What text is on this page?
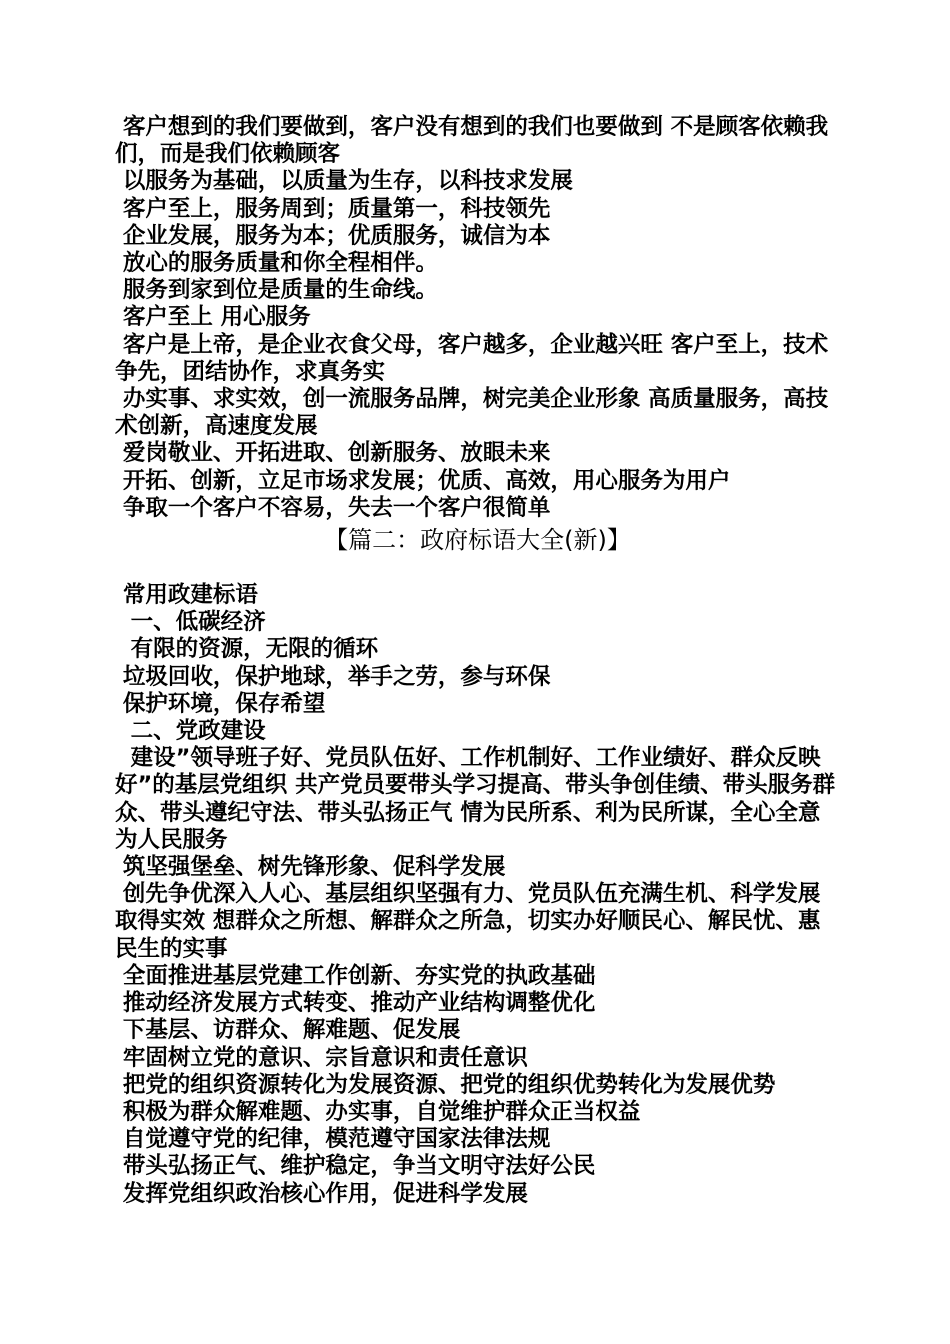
客户想到的我们要做到，客户没有想到的我们也要做到 不是顾客依赖我们，而是我们依赖顾客
以服务为基础，以质量为生存，以科技求发展
客户至上，服务周到；质量第一，科技领先
企业发展，服务为本；优质服务，诚信为本
放心的服务质量和你全程相伴。
服务到家到位是质量的生命线。
客户至上 用心服务
客户是上帝，是企业衣食父母，客户越多，企业越兴旺 客户至上，技术争先，团结协作，求真务实
办实事、求实效，创一流服务品牌，树完美企业形象 高质量服务，高技术创新，高速度发展
爱岗敬业、开拓进取、创新服务、放眼未来
开拓、创新，立足市场求发展；优质、高效，用心服务为用户
争取一个客户不容易，失去一个客户很简单
【篇二：政府标语大全(新)】
常用政建标语
一、低碳经济
有限的资源，无限的循环
垃圾回收，保护地球，举手之劳，参与环保
保护环境，保存希望
二、党政建设
建设”领导班子好、党员队伍好、工作机制好、工作业绩好、群众反映好”的基层党组织 共产党员要带头学习提高、带头争创佳绩、带头服务群众、带头遵纪守法、带头弘扬正气 情为民所系、利为民所谋，全心全意为人民服务
筑坚强堡垒、树先锋形象、促科学发展
创先争优深入人心、基层组织坚强有力、党员队伍充满生机、科学发展取得实效 想群众之所想、解群众之所急，切实办好顺民心、解民忧、惠民生的实事
全面推进基层党建工作创新、夯实党的执政基础
推动经济发展方式转变、推动产业结构调整优化
下基层、访群众、解难题、促发展
牢固树立党的意识、宗旨意识和责任意识
把党的组织资源转化为发展资源、把党的组织优势转化为发展优势
积极为群众解难题、办实事，自觉维护群众正当权益
自觉遵守党的纪律，模范遵守国家法律法规
带头弘扬正气、维护稳定，争当文明守法好公民
发挥党组织政治核心作用，促进科学发展
